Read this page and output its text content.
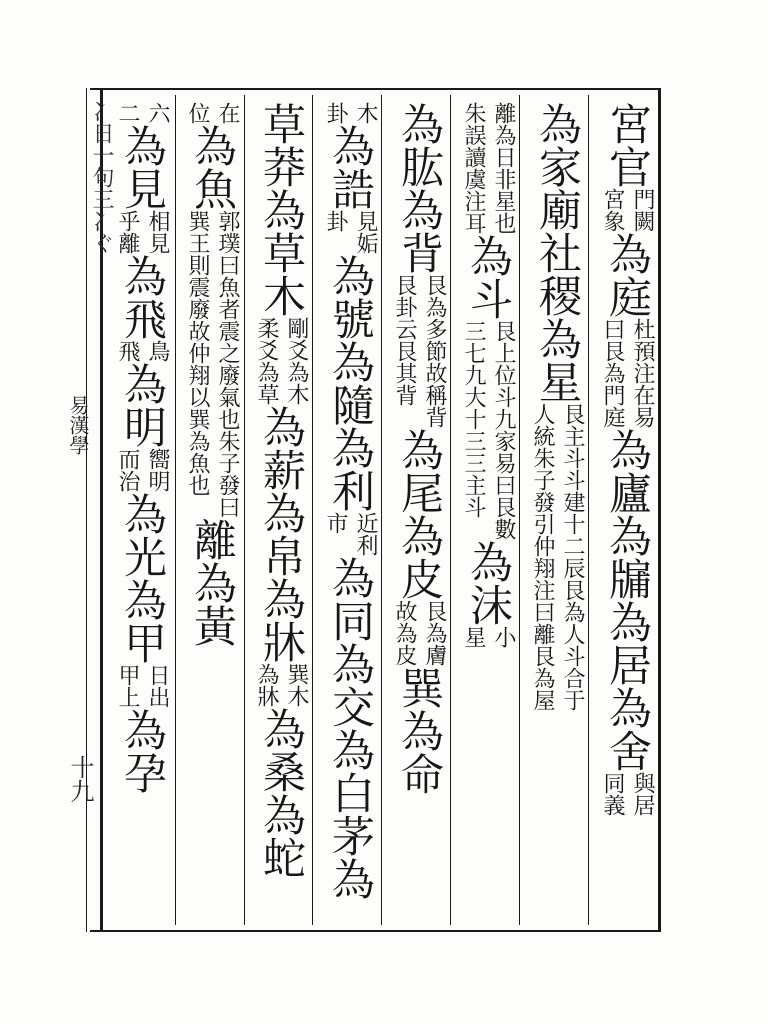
冫日一句三冫ぐ
易漢學
十九
宮官
門闕
宮象
為庭
杜預注在易
曰艮為門庭
為廬為牖為居為舍
與居
同義
為家廟社稷為星
艮主斗斗建十二辰艮為人斗合于
人統朱子發引仲翔注曰離艮為屋
離為日非星也
朱誤讀虞注耳
為斗
艮上位斗九家易曰艮數
三七九大十三三主斗
為沫
小
星
為肱為背
艮為多節故稱背
艮卦云艮其背
為尾為皮
艮為膚
故為皮
巽為命
木
卦
為誥
見姤
卦
為號為隨為利
近利
市
為同為交為白茅為
草莽為草木
剛爻為木
柔爻為草
為薪為帛為牀
巽木
為牀
為桑為蛇
在
位
為魚
郭璞曰魚者震之廢氣也朱子發曰
巽王則震廢故仲翔以巽為魚也
離為黃
六
二
為見
相見
乎離
為飛
鳥
飛
為明
嚮明
而治
為光為甲
日出
甲上
為孕
